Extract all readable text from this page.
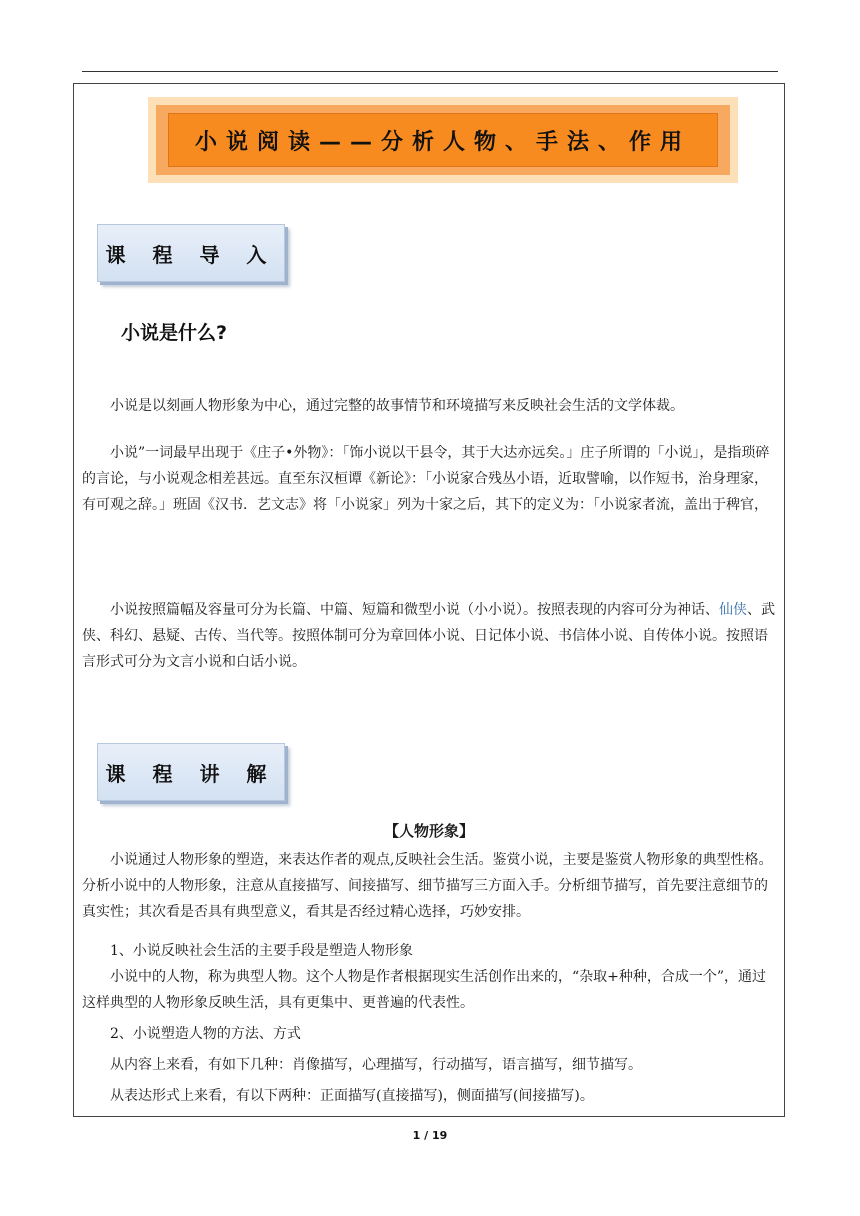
小说阅读——分析人物、手法、作用
课 程 导 入
小说是什么?

小说是以刻画人物形象为中心，通过完整的故事情节和环境描写来反映社会生活的文学体裁。

小说”一词最早出现于《庄子•外物》：「饰小说以干县令，其于大达亦远矣。」庄子所谓的「小说」，是指琐碎的言论，与小说观念相差甚远。直至东汉桓谭《新论》：「小说家合残丛小语，近取譬喻，以作短书，治身理家，有可观之辞。」班固《汉书．艺文志》将「小说家」列为十家之后，其下的定义为：「小说家者流，盖出于稗官，

小说按照篇幅及容量可分为长篇、中篇、短篇和微型小说（小小说）。按照表现的内容可分为神话、仙侠、武侠、科幻、悬疑、古传、当代等。按照体制可分为章回体小说、日记体小说、书信体小说、自传体小说。按照语言形式可分为文言小说和白话小说。

课 程 讲 解
【人物形象】

小说通过人物形象的塑造，来表达作者的观点,反映社会生活。鉴赏小说，主要是鉴赏人物形象的典型性格。分析小说中的人物形象，注意从直接描写、间接描写、细节描写三方面入手。分析细节描写，首先要注意细节的真实性；其次看是否具有典型意义，看其是否经过精心选择，巧妙安排。

1、小说反映社会生活的主要手段是塑造人物形象

小说中的人物，称为典型人物。这个人物是作者根据现实生活创作出来的，“杂取+种种，合成一个”，通过这样典型的人物形象反映生活，具有更集中、更普遍的代表性。

2、小说塑造人物的方法、方式

从内容上来看，有如下几种：肖像描写，心理描写，行动描写，语言描写，细节描写。

从表达形式上来看，有以下两种：正面描写(直接描写)，侧面描写(间接描写)。

1 / 19
